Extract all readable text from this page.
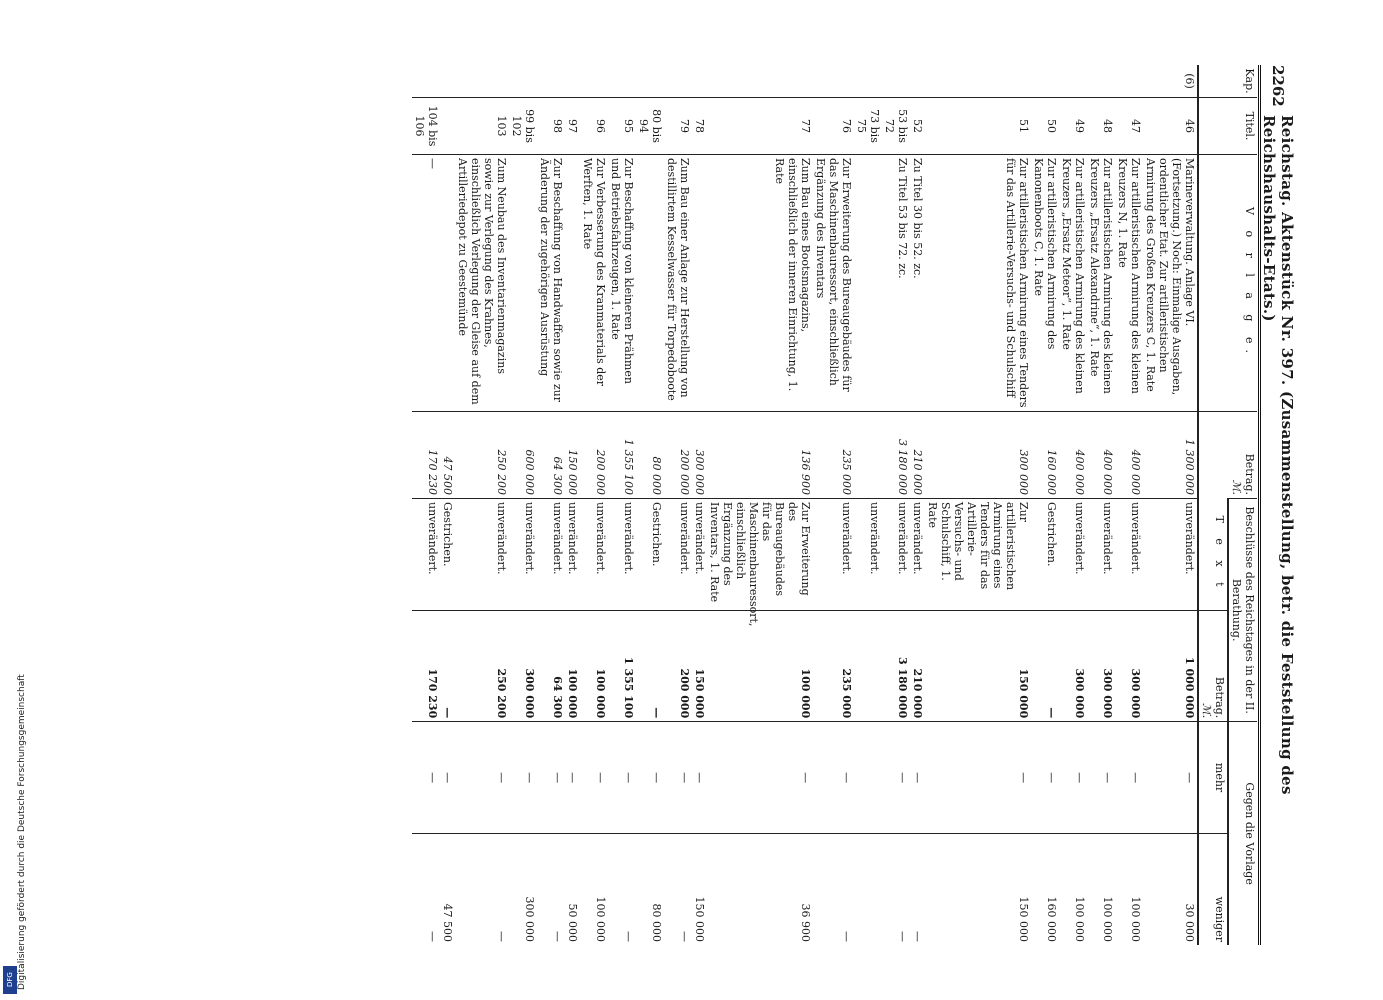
2262
Reichstag. Aktenstück Nr. 397. (Zusammenstellung, betr. die Feststellung des Reichshaushalts-Etats.)
Kap.	Titel.	V o r l a g e.	Betrag.
ℳ.	Beschlüsse des Reichstages in der II. Berathung.		Gegen die Vorlage	
				T e x t	Betrag.
ℳ.	mehr	weniger
(6)	46	Marineverwaltung. Anlage VI. (Fortsetzung.) Noch: Einmalige Ausgaben, ordentlicher Etat. Zur artilleristischen Armirung des Großen Kreuzers C, 1. Rate	1 300 000	unverändert.	1 000 000	—	30 000
	47	Zur artilleristischen Armirung des kleinen Kreuzers N, 1. Rate	400 000	unverändert.	300 000	—	100 000
	48	Zur artilleristischen Armirung des kleinen Kreuzers „Ersatz Alexandrine“, 1. Rate	400 000	unverändert.	300 000	—	100 000
	49	Zur artilleristischen Armirung des kleinen Kreuzers „Ersatz Meteor“, 1. Rate	400 000	unverändert.	300 000	—	100 000
	50	Zur artilleristischen Armirung des Kanonenboots C, 1. Rate	160 000	Gestrichen.	—	—	160 000
	51	Zur artilleristischen Armirung eines Tenders für das Artillerie-Versuchs- und Schulschiff	300 000	Zur artilleristischen Armirung eines Tenders für das Artillerie-Versuchs- und Schulschiff, 1. Rate	150 000	—	150 000
	52	Zu Titel 30 bis 52. zc.	210 000	unverändert.	210 000	—	—
	53 bis 72	Zu Titel 53 bis 72. zc.	3 180 000	unverändert.	3 180 000	—	—
	73 bis 75			unverändert.			
	76	Zur Erweiterung des Bureaugebäudes für das Maschinenbauressort, einschließlich Ergänzung des Inventars	235 000	unverändert.	235 000	—	—
	77	Zum Bau eines Bootsmagazins, einschließlich der inneren Einrichtung, 1. Rate	136 900	Zur Erweiterung des Bureaugebäudes für das Maschinenbauressort, einschließlich Ergänzung des Inventars, 1. Rate	100 000	—	36 900
	78		300 000	unverändert.	150 000	—	150 000
	79	Zum Bau einer Anlage zur Herstellung von destillirtem Kesselwasser für Torpedoboote	200 000	unverändert.	200 000	—	—
	80 bis 94		80 000	Gestrichen.	—	—	80 000
	95	Zur Beschaffung von kleineren Prähmen und Betriebsfahrzeugen, 1. Rate	1 355 100	unverändert.	1 355 100	—	—
	96	Zur Verbesserung des Kranmaterials der Werften, 1. Rate	200 000	unverändert.	100 000	—	100 000
	97		150 000	unverändert.	100 000	—	50 000
	98	Zur Beschaffung von Handwaffen sowie zur Änderung der zugehörigen Ausrüstung	64 300	unverändert.	64 300	—	—
	99 bis 102		600 000	unverändert.	300 000	—	300 000
	103	Zum Neubau des Inventarienmagazins sowie zur Verlegung des Krahnes, einschließlich Verlegung der Gleise auf dem Artilleriedepot zu Geestemünde	250 200	unverändert.	250 200	—	—
			47 500	Gestrichen.	—	—	47 500
	104 bis 106	—	170 230	unverändert.	170 230	—	—
Digitalisierung gefördert durch die Deutsche Forschungsgemeinschaft
DFG
